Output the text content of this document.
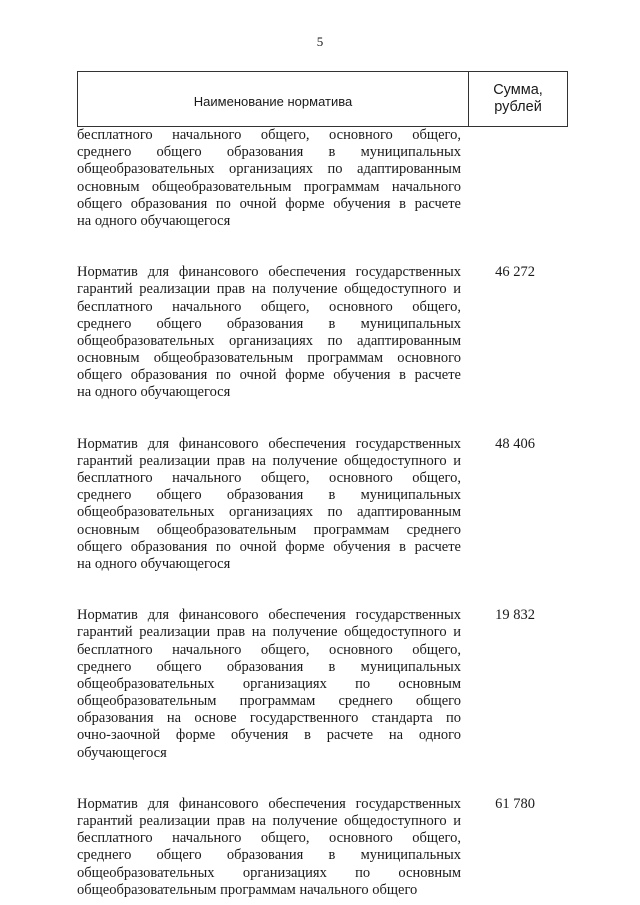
5
Наименование норматива
Сумма,
рублей
бесплатного начального общего, основного общего,
среднего общего образования в муниципальных
общеобразовательных организациях по адаптированным
основным общеобразовательным программам начального
общего образования по очной форме обучения в расчете
на одного обучающегося
Норматив для финансового обеспечения государственных
гарантий реализации прав на получение общедоступного и
бесплатного начального общего, основного общего,
среднего общего образования в муниципальных
общеобразовательных организациях по адаптированным
основным общеобразовательным программам основного
общего образования по очной форме обучения в расчете
на одного обучающегося
46 272
Норматив для финансового обеспечения государственных
гарантий реализации прав на получение общедоступного и
бесплатного начального общего, основного общего,
среднего общего образования в муниципальных
общеобразовательных организациях по адаптированным
основным общеобразовательным программам среднего
общего образования по очной форме обучения в расчете
на одного обучающегося
48 406
Норматив для финансового обеспечения государственных
гарантий реализации прав на получение общедоступного и
бесплатного начального общего, основного общего,
среднего общего образования в муниципальных
общеобразовательных организациях по основным
общеобразовательным программам среднего общего
образования на основе государственного стандарта по
очно-заочной форме обучения в расчете на одного
обучающегося
19 832
Норматив для финансового обеспечения государственных
гарантий реализации прав на получение общедоступного и
бесплатного начального общего, основного общего,
среднего общего образования в муниципальных
общеобразовательных организациях по основным
общеобразовательным программам начального общего
61 780
